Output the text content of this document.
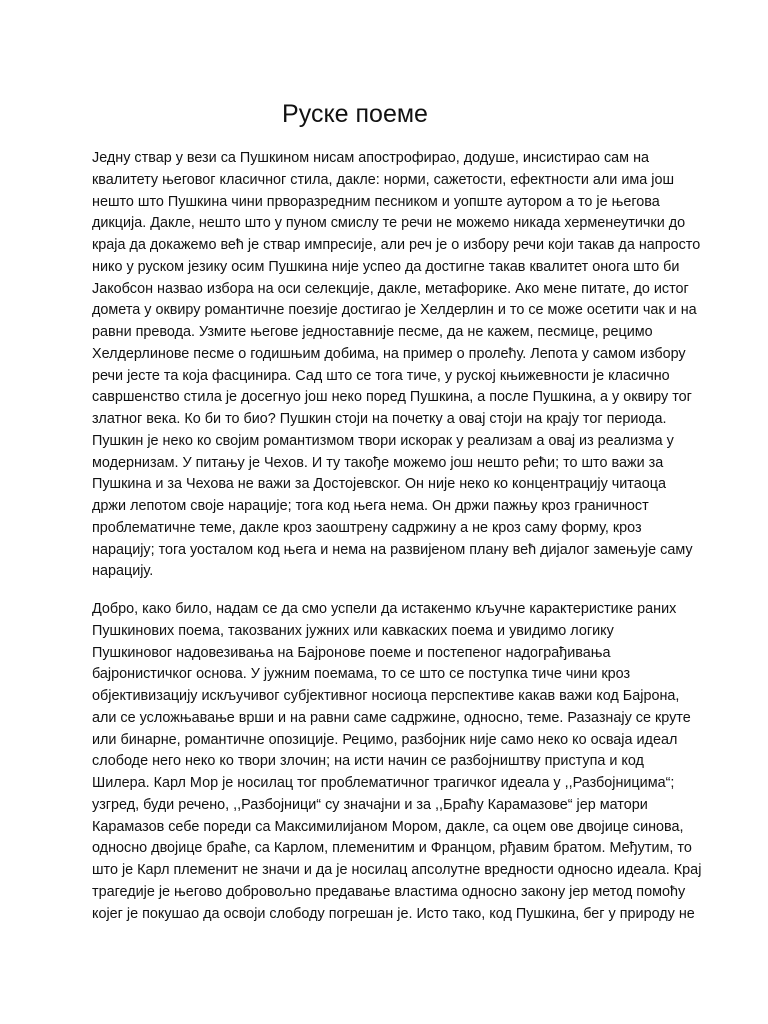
Руске поеме

Једну ствар у вези са Пушкином нисам апострофирао, додуше, инсистирао сам на
квалитету његовог класичног стила, дакле: норми, сажетости, ефектности али има још
нешто што Пушкина чини прворазредним песником и уопште аутором а то је његова
дикција. Дакле, нешто што у пуном смислу те речи не можемо никада херменеутички до
краја да докажемо већ је ствар импресије, али реч је о избору речи који такав да напросто
нико у руском језику осим Пушкина није успео да достигне такав квалитет онога што би
Јакобсон назвао избора на оси селекције, дакле, метафорике. Ако мене питате, до истог
домета у оквиру романтичне поезије достигао је Хелдерлин и то се може осетити чак и на
равни превода. Узмите његове једноставније песме, да не кажем, песмице, рецимо
Хелдерлинове песме о годишњим добима, на пример о пролећу. Лепота у самом избору
речи јесте та која фасцинира. Сад што се тога тиче, у руској књижевности је класично
савршенство стила је досегнуо још неко поред Пушкина, а после Пушкина, а у оквиру тог
златног века. Ко би то био? Пушкин стоји на почетку а овај стоји на крају тог периода.
Пушкин је неко ко својим романтизмом твори искорак у реализам а овај из реализма у
модернизам. У питању је Чехов. И ту такође можемо још нешто рећи; то што важи за
Пушкина и за Чехова не важи за Достојевског. Он није неко ко концентрацију читаоца
држи лепотом своје нарације; тога код њега нема. Он држи пажњу кроз граничност
проблематичне теме, дакле кроз заоштрену садржину а не кроз саму форму, кроз
нарацију; тога уосталом код њега и нема на развијеном плану већ дијалог замењује саму
нарацију.

Добро, како било, надам се да смо успели да истакенмо кључне карактеристике раних
Пушкинових поема, такозваних јужних или кавкаских поема и увидимо логику
Пушкиновог надовезивања на Бајронове поеме и постепеног надограђивања
бајронистичког основа. У јужним поемама, то се што се поступка тиче чини кроз
објективизацију искључивог субјективног носиоца перспективе какав важи код Бајрона,
али се усложњавање врши и на равни саме садржине, односно, теме. Разазнају се круте
или бинарне, романтичне опозиције. Рецимо, разбојник није само неко ко осваја идеал
слободе него неко ко твори злочин; на исти начин се разбојништву приступа и код
Шилера. Карл Мор је носилац тог проблематичног трагичког идеала у ,,Разбојницима“;
узгред, буди речено, ,,Разбојници“ су значајни и за ,,Браћу Карамазове“ јер матори
Карамазов себе пореди са Максимилијаном Мором, дакле, са оцем ове двојице синова,
односно двојице браће, са Карлом, племенитим и Францом, рђавим братом. Међутим, то
што је Карл племенит не значи и да је носилац апсолутне вредности односно идеала. Крај
трагедије је његово добровољно предавање властима односно закону јер метод помоћу
којег је покушао да освоји слободу погрешан је. Исто тако, код Пушкина, бег у природу не
